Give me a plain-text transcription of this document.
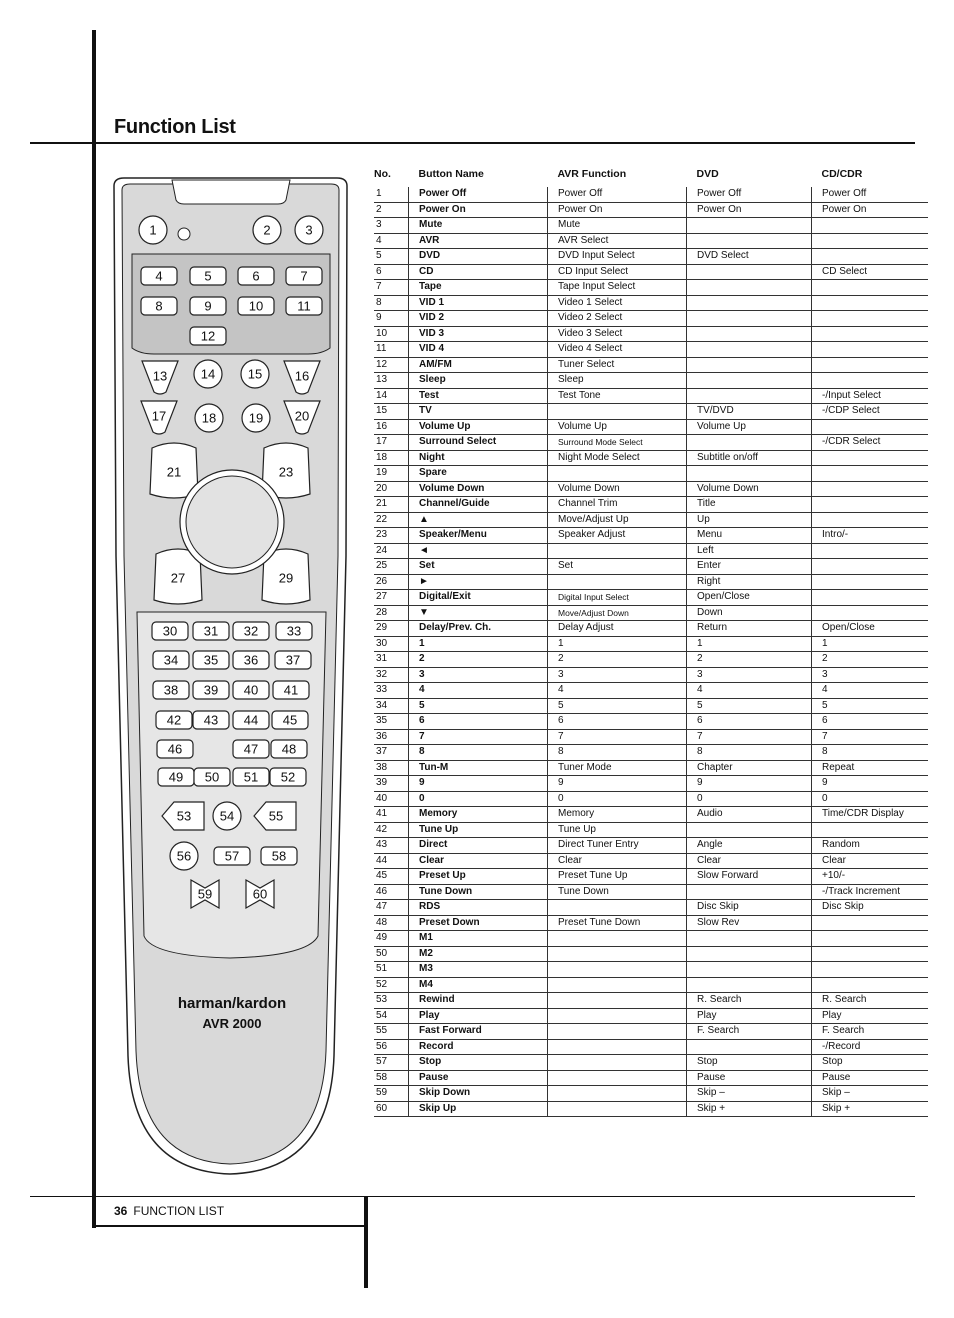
Function List
1	2	3
4	5	6	7
8	9	10	11
12
13	14	15	16
17	18	19 20
21	23
27	29
30 31 32 33
34 35 36 37
38 39 40 41
42 43 44 45
46	47 48
49 50 51 52
53 54	55
56	57	58
59	60
harman/kardon
AVR 2000
No.	Button Name	AVR Function	DVD	CD/CDR
1	Power Off	Power Off	Power Off	Power Off
2	Power On	Power On	Power On	Power On
3	Mute	Mute		
4	AVR	AVR Select		
5	DVD	DVD Input Select	DVD Select	
6	CD	CD Input Select		CD Select
7	Tape	Tape Input Select		
8	VID 1	Video 1 Select		
9	VID 2	Video 2 Select		
10	VID 3	Video 3 Select		
11	VID 4	Video 4 Select		
12	AM/FM	Tuner Select		
13	Sleep	Sleep		
14	Test	Test Tone		-/Input Select
15	TV		TV/DVD	-/CDP Select
16	Volume Up	Volume Up	Volume Up	
17	Surround Select	Surround Mode Select		-/CDR Select
18	Night	Night Mode Select	Subtitle on/off	
19	Spare			
20	Volume Down	Volume Down	Volume Down	
21	Channel/Guide	Channel Trim	Title	
22	▲	Move/Adjust Up	Up	
23	Speaker/Menu	Speaker Adjust	Menu	Intro/-
24	◄		Left	
25	Set	Set	Enter	
26	►		Right	
27	Digital/Exit	Digital Input Select	Open/Close	
28	▼	Move/Adjust Down	Down	
29	Delay/Prev. Ch.	Delay Adjust	Return	Open/Close
30	1	1	1	1
31	2	2	2	2
32	3	3	3	3
33	4	4	4	4
34	5	5	5	5
35	6	6	6	6
36	7	7	7	7
37	8	8	8	8
38	Tun-M	Tuner Mode	Chapter	Repeat
39	9	9	9	9
40	0	0	0	0
41	Memory	Memory	Audio	Time/CDR Display
42	Tune Up	Tune Up		
43	Direct	Direct Tuner Entry	Angle	Random
44	Clear	Clear	Clear	Clear
45	Preset Up	Preset Tune Up	Slow Forward	+10/-
46	Tune Down	Tune Down		-/Track Increment
47	RDS		Disc Skip	Disc Skip
48	Preset Down	Preset Tune Down	Slow Rev	
49	M1			
50	M2			
51	M3			
52	M4			
53	Rewind		R. Search	R. Search
54	Play		Play	Play
55	Fast Forward		F. Search	F. Search
56	Record			-/Record
57	Stop		Stop	Stop
58	Pause		Pause	Pause
59	Skip Down		Skip –	Skip –
60	Skip Up		Skip +	Skip +
36 FUNCTION LIST
